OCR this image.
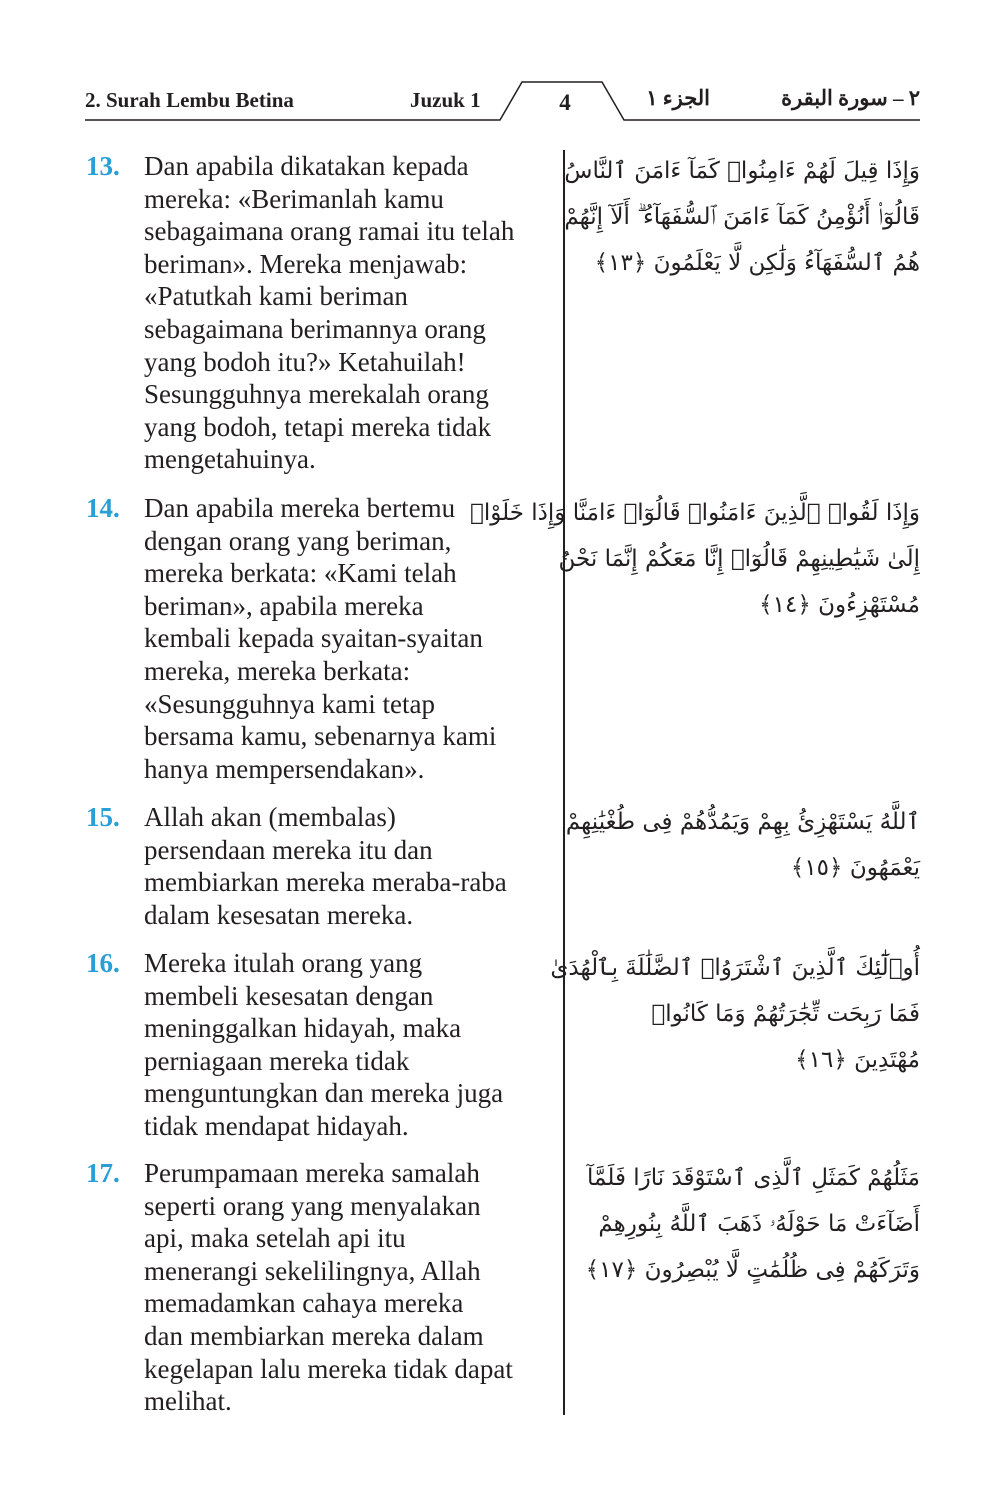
2. Surah Lembu Betina	Juzuk 1	4	الجزء ١	٢ – سورة البقرة
13. Dan apabila dikatakan kepada
mereka: «Berimanlah kamu
sebagaimana orang ramai itu telah
beriman». Mereka menjawab:
«Patutkah kami beriman
sebagaimana berimannya orang
yang bodoh itu?» Ketahuilah!
Sesungguhnya merekalah orang
yang bodoh, tetapi mereka tidak
mengetahuinya.
وَإِذَا قِيلَ لَهُمْ ءَامِنُوا۟ كَمَآ ءَامَنَ ٱلنَّاسُ
قَالُوٓا۟ أَنُؤْمِنُ كَمَآ ءَامَنَ ٱلسُّفَهَآءُ ۗ أَلَآ إِنَّهُمْ
هُمُ ٱلسُّفَهَآءُ وَلَٰكِن لَّا يَعْلَمُونَ ﴿١٣﴾
14. Dan apabila mereka bertemu
dengan orang yang beriman,
mereka berkata: «Kami telah
beriman», apabila mereka
kembali kepada syaitan-syaitan
mereka, mereka berkata:
«Sesungguhnya kami tetap
bersama kamu, sebenarnya kami
hanya mempersendakan».
وَإِذَا لَقُوا۟ ٱلَّذِينَ ءَامَنُوا۟ قَالُوٓا۟ ءَامَنَّا وَإِذَا خَلَوْا۟
إِلَىٰ شَيَٰطِينِهِمْ قَالُوٓا۟ إِنَّا مَعَكُمْ إِنَّمَا نَحْنُ
مُسْتَهْزِءُونَ ﴿١٤﴾
15. Allah akan (membalas)
persendaan mereka itu dan
membiarkan mereka meraba-raba
dalam kesesatan mereka.
ٱللَّهُ يَسْتَهْزِئُ بِهِمْ وَيَمُدُّهُمْ فِى طُغْيَٰنِهِمْ
يَعْمَهُونَ ﴿١٥﴾
16. Mereka itulah orang yang
membeli kesesatan dengan
meninggalkan hidayah, maka
perniagaan mereka tidak
menguntungkan dan mereka juga
tidak mendapat hidayah.
أُو۟لَٰٓئِكَ ٱلَّذِينَ ٱشْتَرَوُا۟ ٱلضَّلَٰلَةَ بِٱلْهُدَىٰ
فَمَا رَبِحَت تِّجَٰرَتُهُمْ وَمَا كَانُوا۟
مُهْتَدِينَ ﴿١٦﴾
17. Perumpamaan mereka samalah
seperti orang yang menyalakan
api, maka setelah api itu
menerangi sekelilingnya, Allah
memadamkan cahaya mereka
dan membiarkan mereka dalam
kegelapan lalu mereka tidak dapat
melihat.
مَثَلُهُمْ كَمَثَلِ ٱلَّذِى ٱسْتَوْقَدَ نَارًا فَلَمَّآ
أَضَآءَتْ مَا حَوْلَهُۥ ذَهَبَ ٱللَّهُ بِنُورِهِمْ
وَتَرَكَهُمْ فِى ظُلُمَٰتٍ لَّا يُبْصِرُونَ ﴿١٧﴾
